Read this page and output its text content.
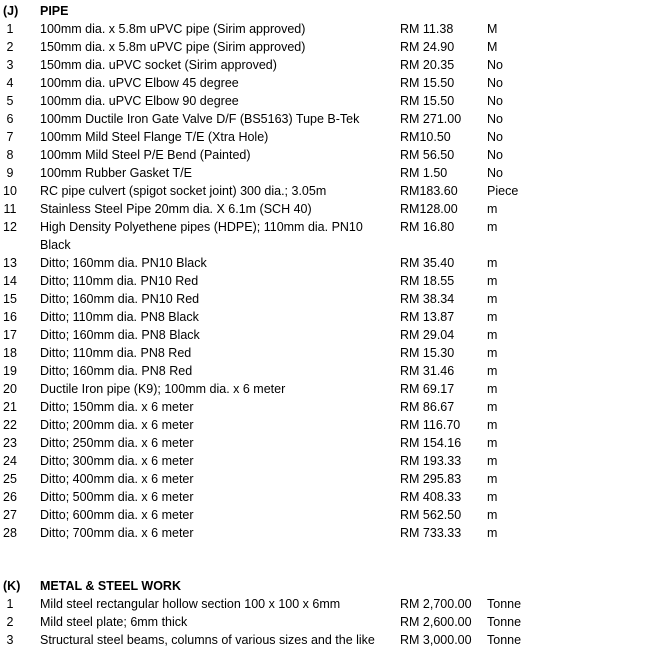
(J)	PIPE
1	100mm dia. x 5.8m uPVC pipe (Sirim approved)	RM 11.38	M
2	150mm dia. x 5.8m uPVC pipe (Sirim approved)	RM 24.90	M
3	150mm dia. uPVC socket (Sirim approved)	RM 20.35	No
4	100mm dia. uPVC Elbow 45 degree	RM 15.50	No
5	100mm dia. uPVC Elbow 90 degree	RM 15.50	No
6	100mm Ductile Iron Gate Valve D/F (BS5163) Tupe B-Tek	RM 271.00	No
7	100mm Mild Steel Flange T/E (Xtra Hole)	RM10.50	No
8	100mm Mild Steel P/E Bend (Painted)	RM 56.50	No
9	100mm Rubber Gasket T/E	RM 1.50	No
10 RC pipe culvert (spigot socket joint) 300 dia.; 3.05m	RM183.60	Piece
11 Stainless Steel Pipe 20mm dia. X 6.1m (SCH 40)	RM128.00	m
12 High Density Polyethene pipes (HDPE); 110mm dia. PN10 Black
RM 16.80	m
13 Ditto; 160mm dia. PN10 Black	RM 35.40	m
14 Ditto; 110mm dia. PN10 Red	RM 18.55	m
15 Ditto; 160mm dia. PN10 Red	RM 38.34	m
16 Ditto; 110mm dia. PN8 Black	RM 13.87	m
17 Ditto; 160mm dia. PN8 Black	RM 29.04	m
18 Ditto; 110mm dia. PN8 Red	RM 15.30	m
19 Ditto; 160mm dia. PN8 Red	RM 31.46	m
20 Ductile Iron pipe (K9); 100mm dia. x 6 meter	RM 69.17	m
21 Ditto; 150mm dia. x 6 meter	RM 86.67	m
22 Ditto; 200mm dia. x 6 meter	RM 116.70	m
23 Ditto; 250mm dia. x 6 meter	RM 154.16	m
24 Ditto; 300mm dia. x 6 meter	RM 193.33	m
25 Ditto; 400mm dia. x 6 meter	RM 295.83	m
26 Ditto; 500mm dia. x 6 meter	RM 408.33	m
27 Ditto; 600mm dia. x 6 meter	RM 562.50	m
28 Ditto; 700mm dia. x 6 meter	RM 733.33	m
(K)	METAL & STEEL WORK
1	Mild steel rectangular hollow section 100 x 100 x 6mm	RM 2,700.00	Tonne
2	Mild steel plate; 6mm thick	RM 2,600.00	Tonne
3	Structural steel beams, columns of various sizes and the like	RM 3,000.00	Tonne
